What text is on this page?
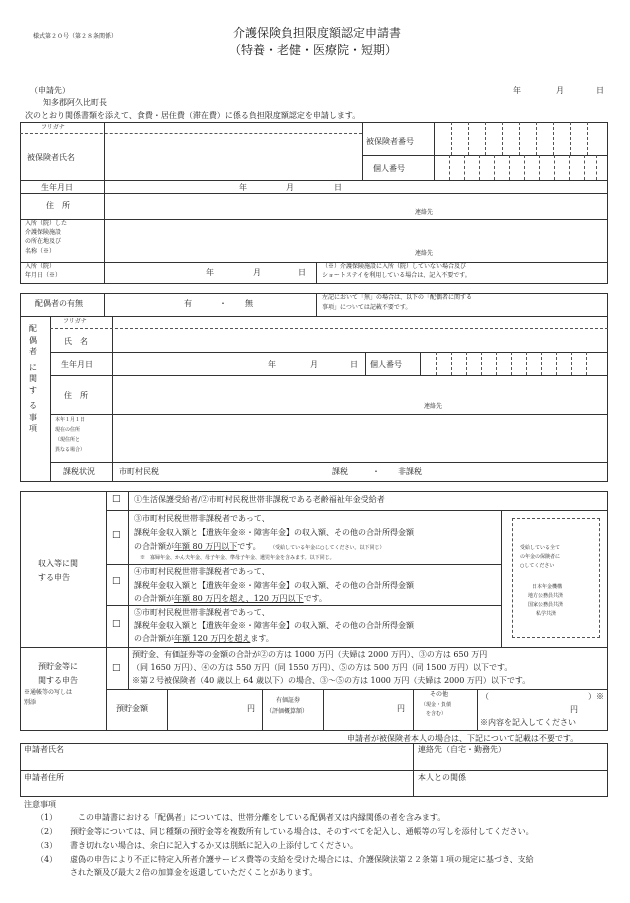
様式第２０号（第２８条関係）	介護保険負担限度額認定申請書
（特養・老健・医療院・短期）
（申請先）	年	月	日
知多郡阿久比町長
次のとおり関係書類を添えて、食費・居住費（滞在費）に係る負担限度額認定を申請します。
フリガナ
被保険者氏名
被保険者番号
個人番号
生年月日	年	月	日
住　所
連絡先
入所（院）した
介護保険施設
の所在地及び
名称（※）	連絡先
入所（院）
年月日（※）	年	月	日
（※）介護保険施設に入所（院）していない場合及び
ショートステイを利用している場合は、記入不要です。
配偶者の有無	有	・ 無
左記において「無」の場合は、以下の「配偶者に関する
事項」については記載不要です。
配
偶
者
に
関
す
る
事
項
フリガナ
氏　名
生年月日	年	月	日 個人番号
住　所
連絡先
本年１月１日
現在の住所
（現住所と
異なる場合）
課税状況	市町村民税	課税	・ 非課税
収入等に関
する申告
□ ①生活保護受給者/②市町村民税世帯非課税である老齢福祉年金受給者
□
③市町村民税世帯非課税者であって、
課税年金収入額と【遺族年金※・障害年金】の収入額、その他の合計所得金額
の合計額が年額 80 万円以下です。 （受給している年金に○してください。以下同じ）
※　寡婦年金、かん夫年金、母子年金、準母子年金、遺児年金を含みます。以下同じ。
□
④市町村民税世帯非課税者であって、
課税年金収入額と【遺族年金※・障害年金】の収入額、その他の合計所得金額
の合計額が年額 80 万円を超え、120 万円以下です。
□
⑤市町村民税世帯非課税者であって、
課税年金収入額と【遺族年金※・障害年金】の収入額、その他の合計所得金額
の合計額が年額 120 万円を超えます。
受給している全て
の年金の保険者に
○してください
日本年金機構
地方公務員共済
国家公務員共済
私学共済
預貯金等に
関する申告
※通帳等の写しは
別添
□
預貯金、有価証券等の金額の合計が②の方は 1000 万円（夫婦は 2000 万円）、③の方は 650 万円
（同 1650 万円）、④の方は 550 万円（同 1550 万円）、⑤の方は 500 万円（同 1500 万円）以下です。
※第２号被保険者（40 歳以上 64 歳以下）の場合、③～⑤の方は 1000 万円（夫婦は 2000 万円）以下です。
預貯金額	円
有価証券
（評価概算額）	円
その他
（現金・負債
を含む）
（	）※
円
※内容を記入してください
申請者が被保険者本人の場合は、下記について記載は不要です。
申請者氏名	連絡先（自宅・勤務先）
申請者住所	本人との関係
注意事項
（1）	この申請書における「配偶者」については、世帯分離をしている配偶者又は内縁関係の者を含みます。
（2） 預貯金等については、同じ種類の預貯金等を複数所有している場合は、そのすべてを記入し、通帳等の写しを添付してください。
（3） 書き切れない場合は、余白に記入するか又は別紙に記入の上添付してください。
（4） 虚偽の申告により不正に特定入所者介護サービス費等の支給を受けた場合には、介護保険法第２２条第１項の規定に基づき、支給
された額及び最大２倍の加算金を返還していただくことがあります。
